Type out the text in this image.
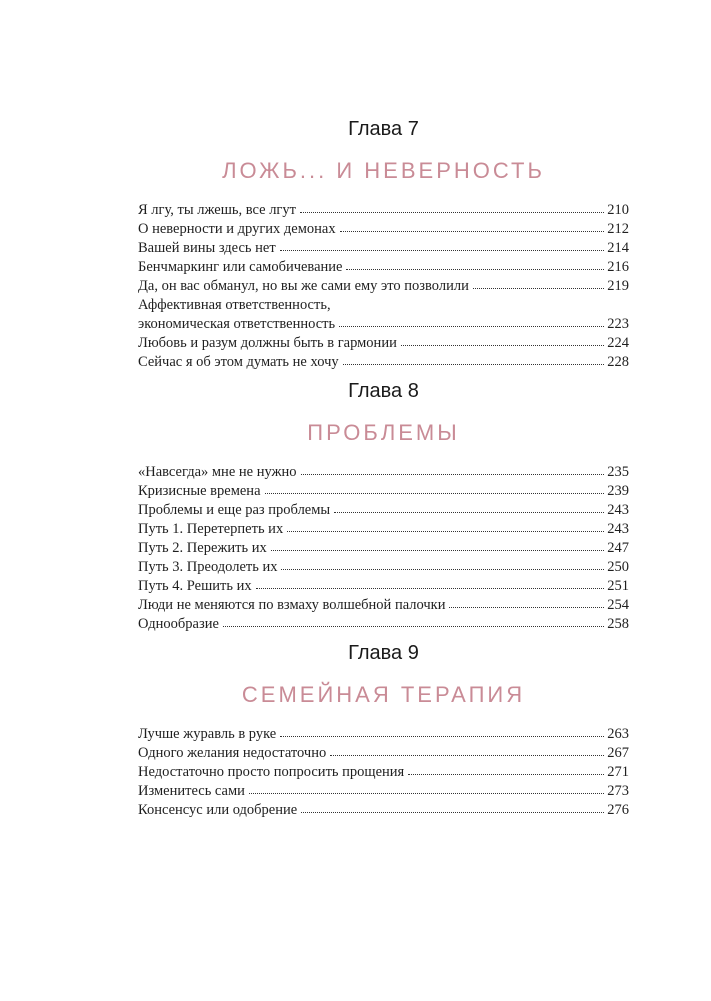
Глава 7
ЛОЖЬ... И НЕВЕРНОСТЬ
Я лгу, ты лжешь, все лгут	210
О неверности и других демонах	212
Вашей вины здесь нет	214
Бенчмаркинг или самобичевание	216
Да, он вас обманул, но вы же сами ему это позволили	219
Аффективная ответственность,
экономическая ответственность	223
Любовь и разум должны быть в гармонии	224
Сейчас я об этом думать не хочу	228
Глава 8
ПРОБЛЕМЫ
«Навсегда» мне не нужно	235
Кризисные времена	239
Проблемы и еще раз проблемы	243
Путь 1. Перетерпеть их	243
Путь 2. Пережить их	247
Путь 3. Преодолеть их	250
Путь 4. Решить их	251
Люди не меняются по взмаху волшебной палочки	254
Однообразие	258
Глава 9
СЕМЕЙНАЯ ТЕРАПИЯ
Лучше журавль в руке	263
Одного желания недостаточно	267
Недостаточно просто попросить прощения	271
Изменитесь сами	273
Консенсус или одобрение	276
